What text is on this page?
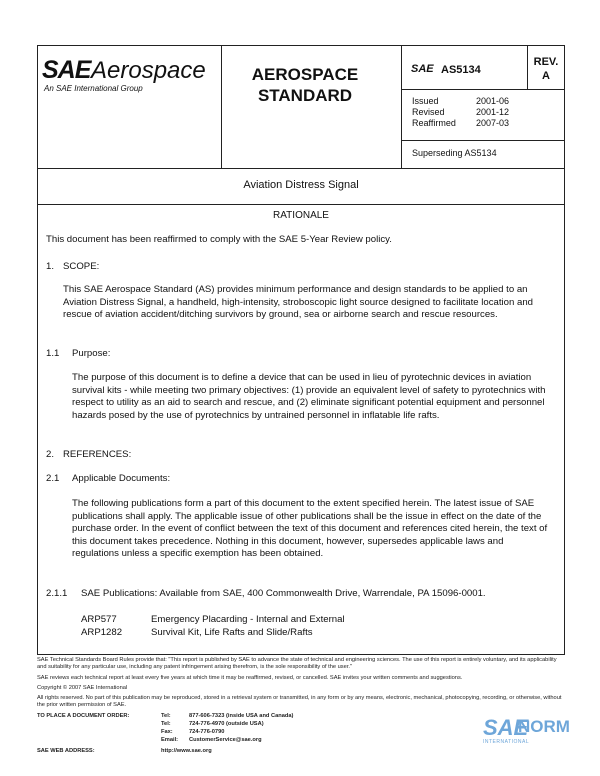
SAE Aerospace
An SAE International Group
AEROSPACE
STANDARD
SAE AS5134
REV.
A
Issued	2001-06
Revised	2001-12
Reaffirmed 2007-03
Superseding AS5134
Aviation Distress Signal
RATIONALE
This document has been reaffirmed to comply with the SAE 5-Year Review policy.
1. SCOPE:
This SAE Aerospace Standard (AS) provides minimum performance and design standards to be applied to an Aviation Distress Signal, a handheld, high-intensity, stroboscopic light source designed to facilitate location and rescue of aviation accident/ditching survivors by ground, sea or airborne search and rescue resources.
1.1 Purpose:
The purpose of this document is to define a device that can be used in lieu of pyrotechnic devices in aviation survival kits - while meeting two primary objectives: (1) provide an equivalent level of safety to pyrotechnics with respect to utility as an aid to search and rescue, and (2) eliminate significant potential equipment and personnel hazards posed by the use of pyrotechnics by untrained personnel in inflatable life rafts.
2. REFERENCES:
2.1 Applicable Documents:
The following publications form a part of this document to the extent specified herein. The latest issue of SAE publications shall apply. The applicable issue of other publications shall be the issue in effect on the date of the purchase order. In the event of conflict between the text of this document and references cited herein, the text of this document takes precedence. Nothing in this document, however, supersedes applicable laws and regulations unless a specific exemption has been obtained.
2.1.1 SAE Publications: Available from SAE, 400 Commonwealth Drive, Warrendale, PA 15096-0001.
ARP577	Emergency Placarding - Internal and External
ARP1282	Survival Kit, Life Rafts and Slide/Rafts
SAE Technical Standards Board Rules provide that: "This report is published by SAE to advance the state of technical and engineering sciences. The use of this report is entirely voluntary, and its applicability and suitability for any particular use, including any patent infringement arising therefrom, is the sole responsibility of the user."
SAE reviews each technical report at least every five years at which time it may be reaffirmed, revised, or cancelled. SAE invites your written comments and suggestions.
Copyright © 2007 SAE International
All rights reserved. No part of this publication may be reproduced, stored in a retrieval system or transmitted, in any form or by any means, electronic, mechanical, photocopying, recording, or otherwise, without the prior written permission of SAE.
TO PLACE A DOCUMENT ORDER:	Tel:	877-606-7323 (inside USA and Canada)
Tel:	724-776-4970 (outside USA)
Fax:	724-776-0790
Email: CustomerService@sae.org
SAE WEB ADDRESS:	http://www.sae.org
SAE
NORM
INTERNATIONAL
